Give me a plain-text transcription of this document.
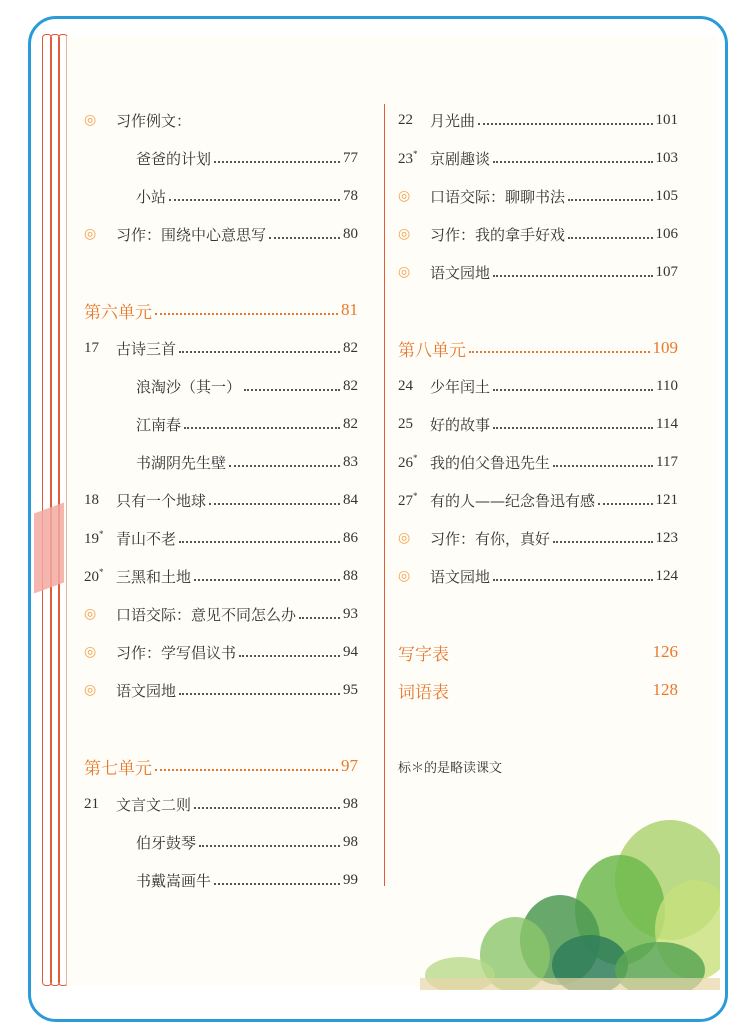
◎	习作例文：
爸爸的计划	77
小站	78
◎	习作：围绕中心意思写	80
第六单元	81
17	古诗三首	82
浪淘沙（其一）	82
江南春	82
书湖阴先生壁	83
18	只有一个地球	84
19* 青山不老	86
20* 三黑和土地	88
◎	口语交际：意见不同怎么办	93
◎	习作：学写倡议书	94
◎	语文园地	95
第七单元	97
21	文言文二则	98
伯牙鼓琴	98
书戴嵩画牛	99
22	月光曲	101
23* 京剧趣谈	103
◎	口语交际：聊聊书法	105
◎	习作：我的拿手好戏	106
◎	语文园地	107
第八单元	109
24	少年闰土	110
25	好的故事	114
26* 我的伯父鲁迅先生	117
27* 有的人——纪念鲁迅有感	121
◎	习作：有你，真好	123
◎	语文园地	124
写字表	126
词语表	128
标＊的是略读课文
